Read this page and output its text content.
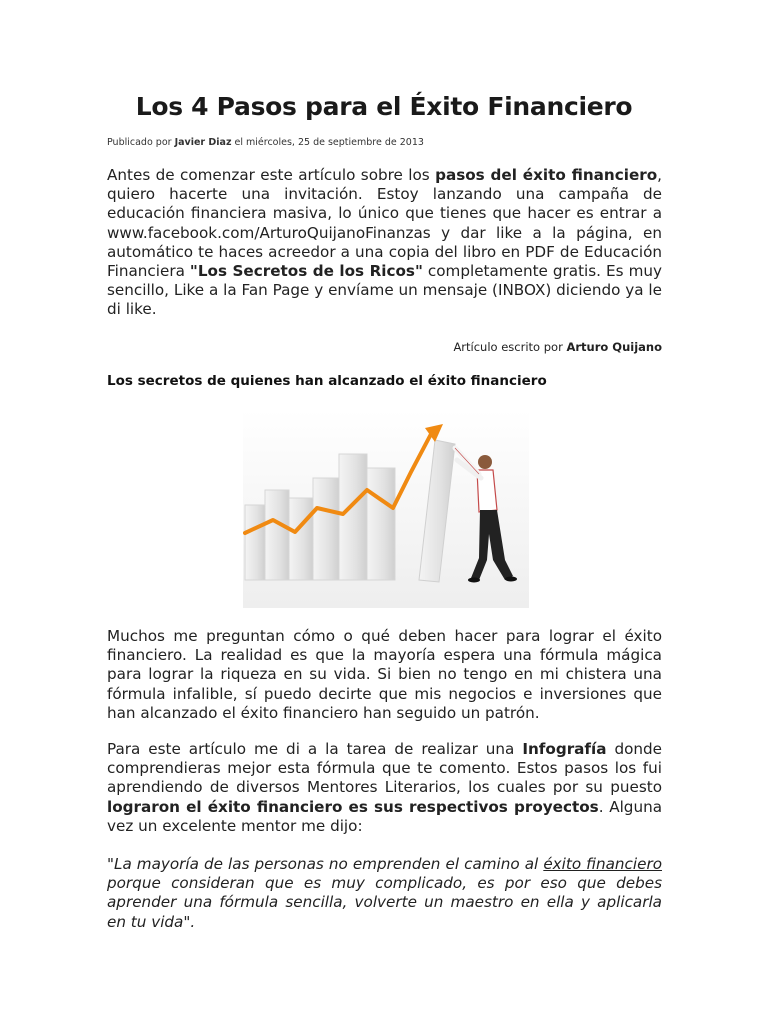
Los 4 Pasos para el Éxito Financiero
Publicado por Javier Diaz el miércoles, 25 de septiembre de 2013

Antes de comenzar este artículo sobre los pasos del éxito financiero, quiero hacerte una invitación. Estoy lanzando una campaña de educación financiera masiva, lo único que tienes que hacer es entrar a www.facebook.com/ArturoQuijanoFinanzas y dar like a la página, en automático te haces acreedor a una copia del libro en PDF de Educación Financiera "Los Secretos de los Ricos" completamente gratis. Es muy sencillo, Like a la Fan Page y envíame un mensaje (INBOX) diciendo ya le di like.

Artículo escrito por Arturo Quijano
Los secretos de quienes han alcanzado el éxito financiero

Muchos me preguntan cómo o qué deben hacer para lograr el éxito financiero. La realidad es que la mayoría espera una fórmula mágica para lograr la riqueza en su vida. Si bien no tengo en mi chistera una fórmula infalible, sí puedo decirte que mis negocios e inversiones que han alcanzado el éxito financiero han seguido un patrón.

Para este artículo me di a la tarea de realizar una Infografía donde comprendieras mejor esta fórmula que te comento. Estos pasos los fui aprendiendo de diversos Mentores Literarios, los cuales por su puesto lograron el éxito financiero es sus respectivos proyectos. Alguna vez un excelente mentor me dijo:

"La mayoría de las personas no emprenden el camino al éxito financiero porque consideran que es muy complicado, es por eso que debes aprender una fórmula sencilla, volverte un maestro en ella y aplicarla en tu vida".
